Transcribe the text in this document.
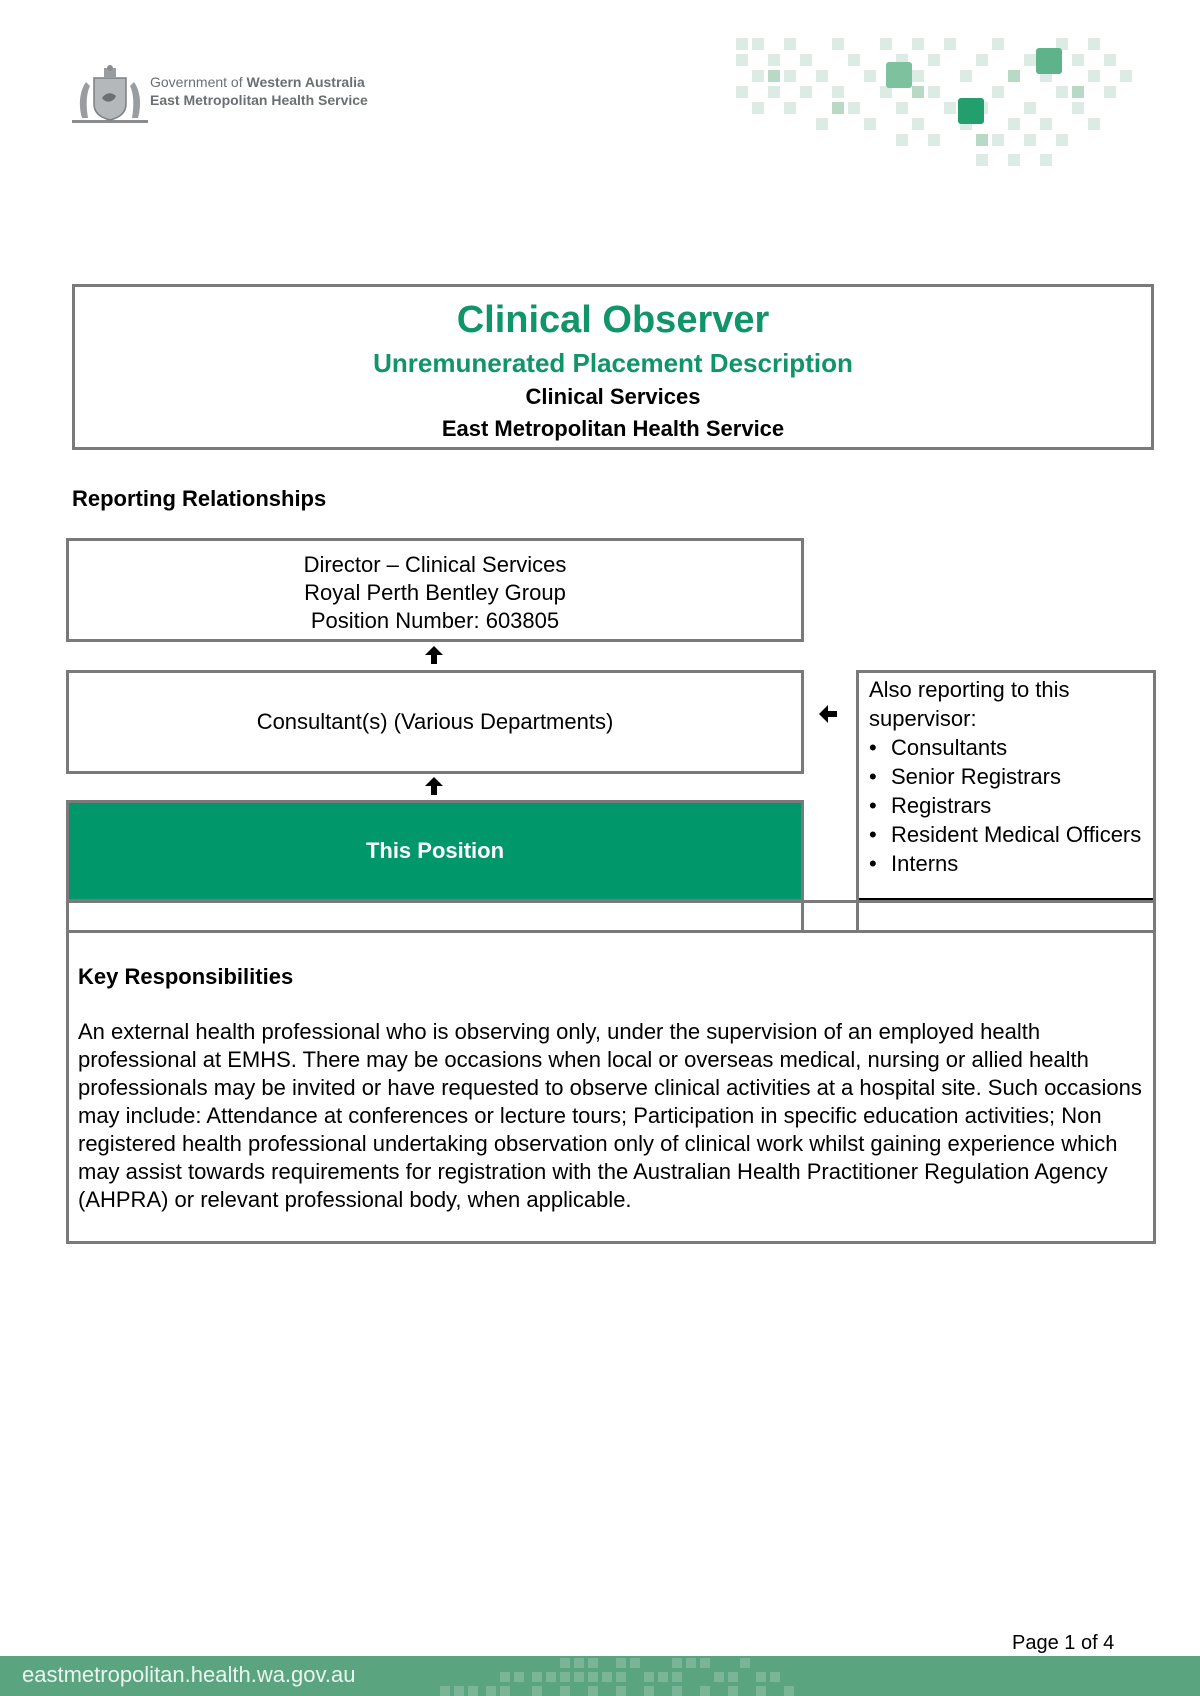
Government of Western Australia
East Metropolitan Health Service
Clinical Observer
Unremunerated Placement Description
Clinical Services
East Metropolitan Health Service
Reporting Relationships
Director – Clinical Services
Royal Perth Bentley Group
Position Number: 603805
Consultant(s) (Various Departments)
This Position
Also reporting to this supervisor:
• Consultants
• Senior Registrars
• Registrars
• Resident Medical Officers
• Interns
Key Responsibilities
An external health professional who is observing only, under the supervision of an employed health professional at EMHS. There may be occasions when local or overseas medical, nursing or allied health professionals may be invited or have requested to observe clinical activities at a hospital site. Such occasions may include: Attendance at conferences or lecture tours; Participation in specific education activities; Non registered health professional undertaking observation only of clinical work whilst gaining experience which may assist towards requirements for registration with the Australian Health Practitioner Regulation Agency (AHPRA) or relevant professional body, when applicable.
Page 1 of 4
eastmetropolitan.health.wa.gov.au
